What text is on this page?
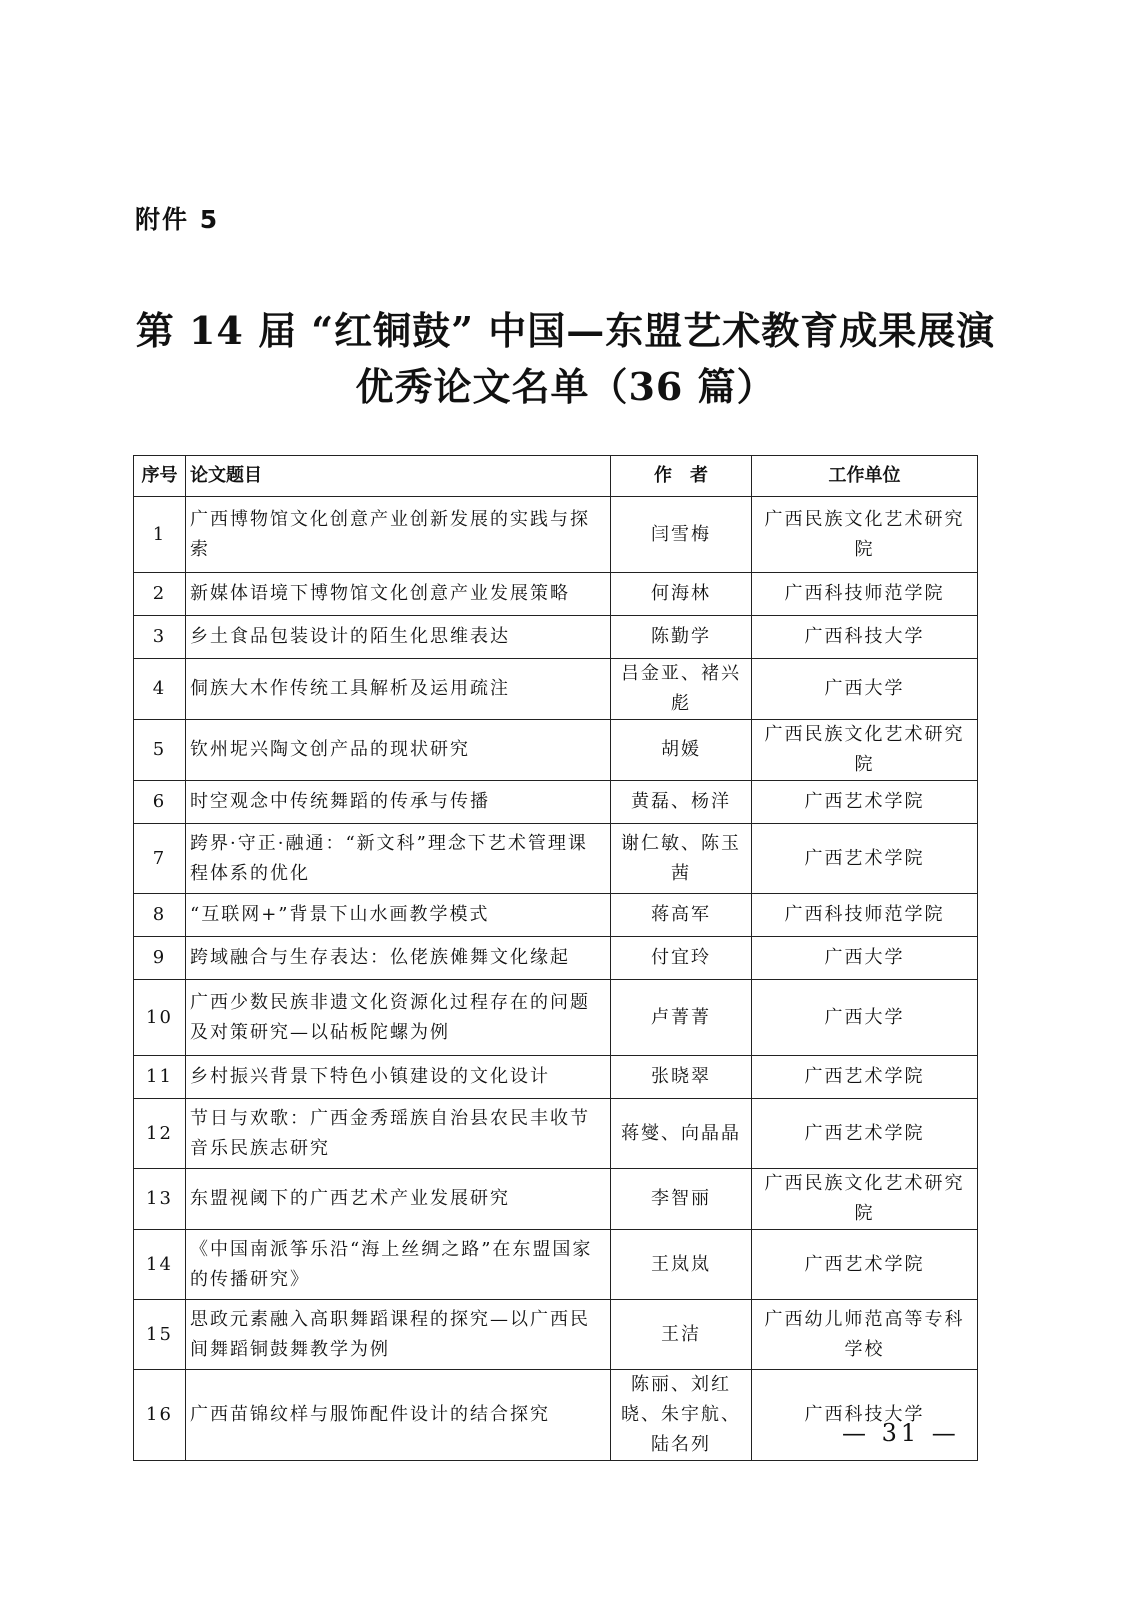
附件 5
第 14 届 “红铜鼓” 中国—东盟艺术教育成果展演
优秀论文名单（36 篇）
序号	论文题目	作　者	工作单位
1	广西博物馆文化创意产业创新发展的实践与探索	闫雪梅	广西民族文化艺术研究院
2	新媒体语境下博物馆文化创意产业发展策略	何海林	广西科技师范学院
3	乡土食品包装设计的陌生化思维表达	陈勤学	广西科技大学
4	侗族大木作传统工具解析及运用疏注	吕金亚、褚兴彪	广西大学
5	钦州坭兴陶文创产品的现状研究	胡媛	广西民族文化艺术研究院
6	时空观念中传统舞蹈的传承与传播	黄磊、杨洋	广西艺术学院
7	跨界·守正·融通：“新文科”理念下艺术管理课程体系的优化	谢仁敏、陈玉茜	广西艺术学院
8	“互联网+”背景下山水画教学模式	蒋高军	广西科技师范学院
9	跨域融合与生存表达：仫佬族傩舞文化缘起	付宜玲	广西大学
10	广西少数民族非遗文化资源化过程存在的问题及对策研究—以砧板陀螺为例	卢菁菁	广西大学
11	乡村振兴背景下特色小镇建设的文化设计	张晓翠	广西艺术学院
12	节日与欢歌：广西金秀瑶族自治县农民丰收节音乐民族志研究	蒋燮、向晶晶	广西艺术学院
13	东盟视阈下的广西艺术产业发展研究	李智丽	广西民族文化艺术研究院
14	《中国南派筝乐沿“海上丝绸之路”在东盟国家的传播研究》	王岚岚	广西艺术学院
15	思政元素融入高职舞蹈课程的探究—以广西民间舞蹈铜鼓舞教学为例	王洁	广西幼儿师范高等专科学校
16	广西苗锦纹样与服饰配件设计的结合探究	陈丽、刘红晓、朱宇航、陆名列	广西科技大学
— 31 —
